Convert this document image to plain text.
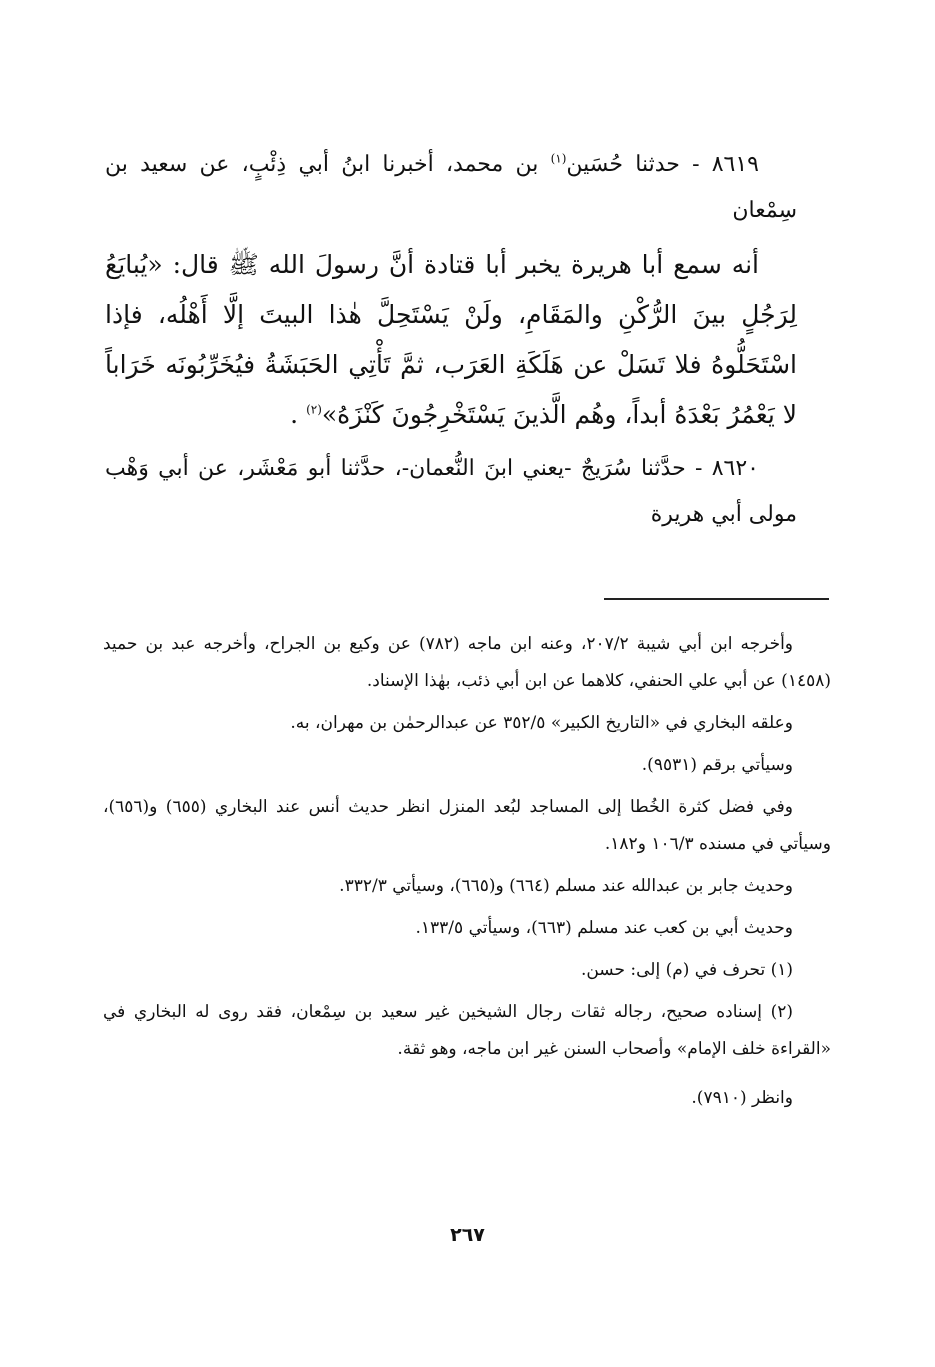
٨٦١٩ - حدثنا حُسَين$^{(١)}$ بن محمد، أخبرنا ابنُ أبي ذِئْبٍ، عن سعيد بن سِمْعان

أنه سمع أبا هريرة يخبر أبا قتادة أنَّ رسولَ الله ﷺ قال: «يُبايَعُ لِرَجُلٍ بينَ الرُّكْنِ والمَقَامِ، ولَنْ يَسْتَحِلَّ هٰذا البيتَ إلَّا أَهْلُه، فإذا اسْتَحَلُّوهُ فلا تَسَلْ عن هَلَكَةِ العَرَب، ثمَّ تَأْتِي الحَبَشَةُ فيُخَرِّبُونَه خَرَاباً لا يَعْمُرُ بَعْدَهُ أبداً، وهُم الَّذينَ يَسْتَخْرِجُونَ كَنْزَهُ»$^{(٢)}$ .

٨٦٢٠ - حدَّثنا سُرَيجٌ -يعني ابنَ النُّعمان-، حدَّثنا أبو مَعْشَر، عن أبي وَهْب مولى أبي هريرة

وأخرجه ابن أبي شيبة ٢٠٧/٢، وعنه ابن ماجه (٧٨٢) عن وكيع بن الجراح، وأخرجه عبد بن حميد (١٤٥٨) عن أبي علي الحنفي، كلاهما عن ابن أبي ذئب، بهٰذا الإسناد.

وعلقه البخاري في «التاريخ الكبير» ٣٥٢/٥ عن عبدالرحمٰن بن مهران، به.

وسيأتي برقم (٩٥٣١).

وفي فضل كثرة الخُطا إلى المساجد لبُعد المنزل انظر حديث أنس عند البخاري (٦٥٥) و(٦٥٦)، وسيأتي في مسنده ١٠٦/٣ و١٨٢.

وحديث جابر بن عبدالله عند مسلم (٦٦٤) و(٦٦٥)، وسيأتي ٣٣٢/٣.

وحديث أبي بن كعب عند مسلم (٦٦٣)، وسيأتي ١٣٣/٥.

(١) تحرف في (م) إلى: حسن.

(٢) إسناده صحيح، رجاله ثقات رجال الشيخين غير سعيد بن سِمْعان، فقد روى له البخاري في «القراءة خلف الإمام» وأصحاب السنن غير ابن ماجه، وهو ثقة.

وانظر (٧٩١٠).

٢٦٧
